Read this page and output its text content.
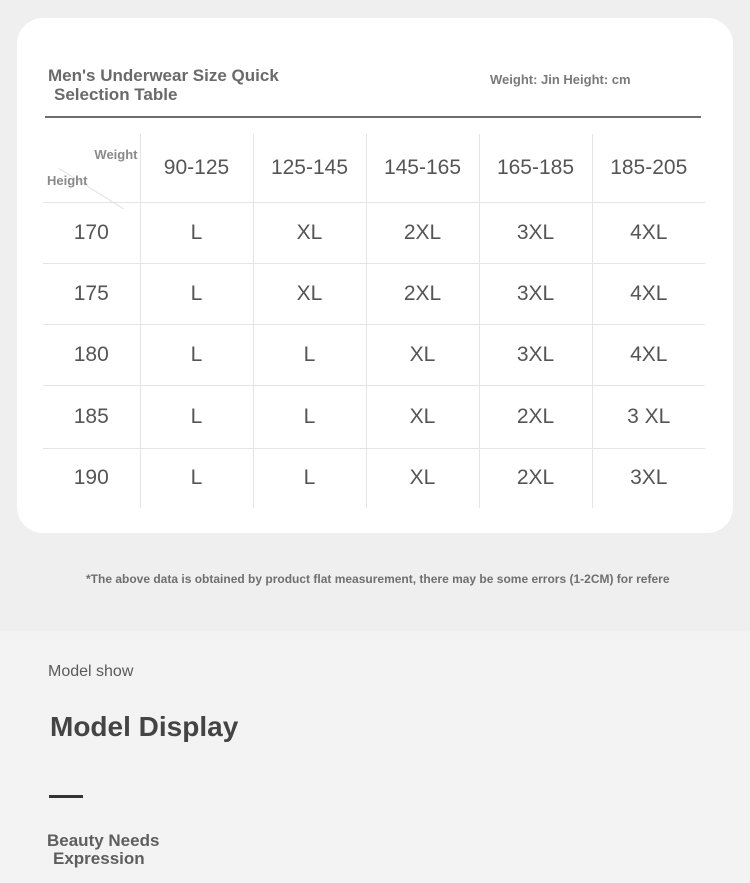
Men's Underwear Size Quick
Selection Table
Weight: Jin Height: cm
Weight
Height	90-125	125-145	145-165	165-185	185-205
170	L	XL	2XL	3XL	4XL
175	L	XL	2XL	3XL	4XL
180	L	L	XL	3XL	4XL
185	L	L	XL	2XL	3 XL
190	L	L	XL	2XL	3XL
*The above data is obtained by product flat measurement, there may be some errors (1-2CM) for refere
Model show
Model Display
Beauty Needs
Expression
